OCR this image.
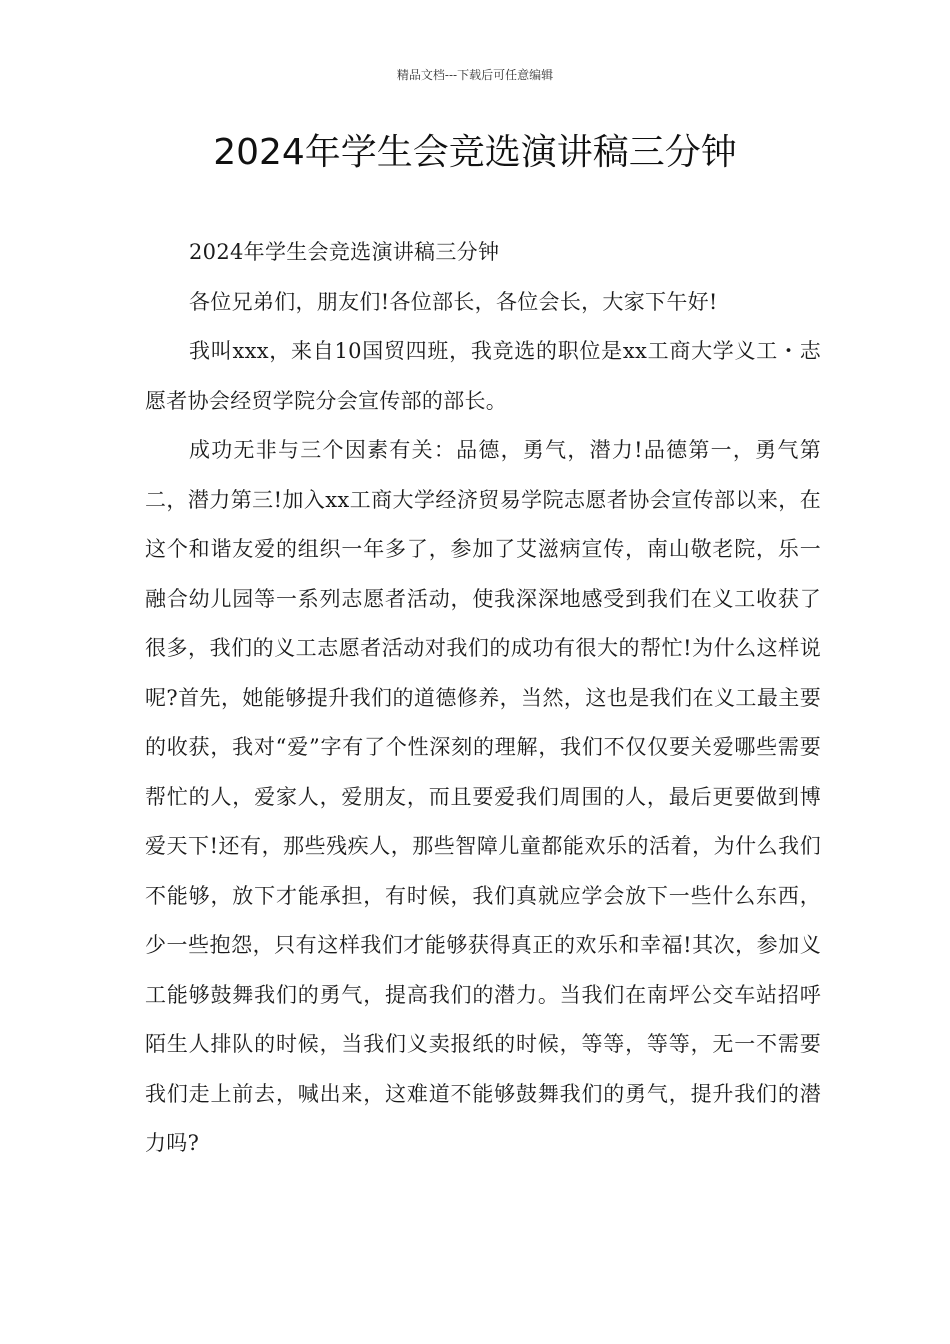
精品文档---下载后可任意编辑
2024年学生会竞选演讲稿三分钟

2024年学生会竞选演讲稿三分钟

各位兄弟们，朋友们!各位部长，各位会长，大家下午好!

我叫xxx，来自10国贸四班，我竞选的职位是xx工商大学义工・志愿者协会经贸学院分会宣传部的部长。

成功无非与三个因素有关：品德，勇气，潜力!品德第一，勇气第二，潜力第三!加入xx工商大学经济贸易学院志愿者协会宣传部以来，在这个和谐友爱的组织一年多了，参加了艾滋病宣传，南山敬老院，乐一融合幼儿园等一系列志愿者活动，使我深深地感受到我们在义工收获了很多，我们的义工志愿者活动对我们的成功有很大的帮忙!为什么这样说呢?首先，她能够提升我们的道德修养，当然，这也是我们在义工最主要的收获，我对“爱”字有了个性深刻的理解，我们不仅仅要关爱哪些需要帮忙的人，爱家人，爱朋友，而且要爱我们周围的人，最后更要做到博爱天下!还有，那些残疾人，那些智障儿童都能欢乐的活着，为什么我们不能够，放下才能承担，有时候，我们真就应学会放下一些什么东西，少一些抱怨，只有这样我们才能够获得真正的欢乐和幸福!其次，参加义工能够鼓舞我们的勇气，提高我们的潜力。当我们在南坪公交车站招呼陌生人排队的时候，当我们义卖报纸的时候，等等，等等，无一不需要我们走上前去，喊出来，这难道不能够鼓舞我们的勇气，提升我们的潜力吗?
